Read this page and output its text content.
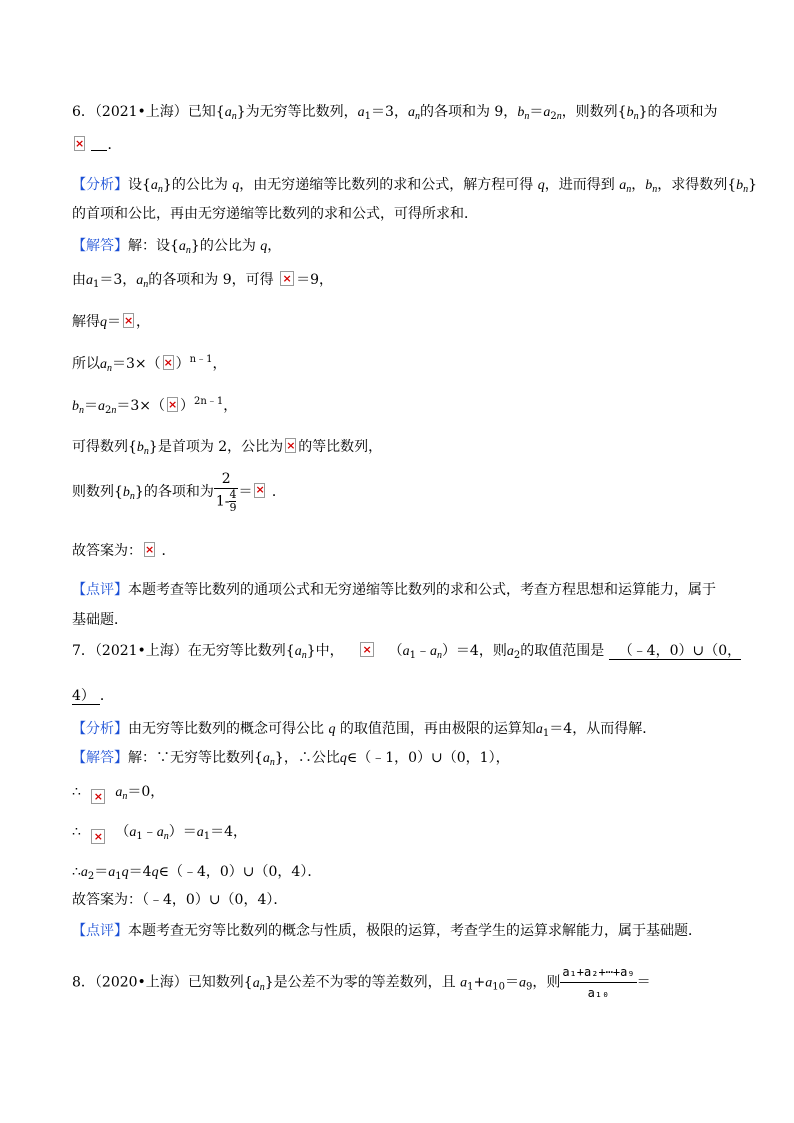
6．（2021•上海）已知$\{a_n\}$为无穷等比数列，$a_1=3$，$a_n$的各项和为 9，$b_n=a_{2n}$，则数列$\{b_n\}$的各项和为
× ．
【分析】设$\{a_n\}$的公比为 q，由无穷递缩等比数列的求和公式，解方程可得 q，进而得到 $a_n$，$b_n$，求得数列$\{b_n\}$
的首项和公比，再由无穷递缩等比数列的求和公式，可得所求和．
【解答】解：设$\{a_n\}$的公比为 q，
由$a_1=3$，$a_n$的各项和为 9，可得 × ＝9，
解得q＝ × ，
所以$a_n=3\times( \times )^{n﹣1}$，
$b_n=a_{2n}=3\times( \times )^{2n﹣1}$，
可得数列$\{b_n\}$是首项为 2，公比为 × 的等比数列，
则数列$\{b_n\}$的各项和为 $\frac{2}{1- \frac{4}{9}}$ ＝× ．
故答案为：× ．
【点评】本题考查等比数列的通项公式和无穷递缩等比数列的求和公式，考查方程思想和运算能力，属于
基础题．
7．（2021•上海）在无穷等比数列$\{a_n\}$中， ×	$(a_1﹣a_n)=4$，则$a_2$的取值范围是 （﹣4，0）∪（0，
4） ．
【分析】由无穷等比数列的概念可得公比 q 的取值范围，再由极限的运算知$a_1=4$，从而得解．
【解答】解：∵无穷等比数列$\{a_n\}$，∴公比q∈（﹣1，0）∪（0，1），
∴ × $a_n=0$，
∴ × $(a_1﹣a_n)=a_1=4$，
$\therefore a_2=a_1q=4q\in(﹣4$，0）∪（0，4）．
故答案为：（﹣4，0）∪（0，4）．
【点评】本题考查无穷等比数列的概念与性质，极限的运算，考查学生的运算求解能力，属于基础题．
8．（2020•上海）已知数列$\{a_n\}$是公差不为零的等差数列，且 $a_1+a_{10}=a_9$，则 $\frac{\text{a₁+a₂+⋯+a₉}}{\text{a₁₀}}=$
